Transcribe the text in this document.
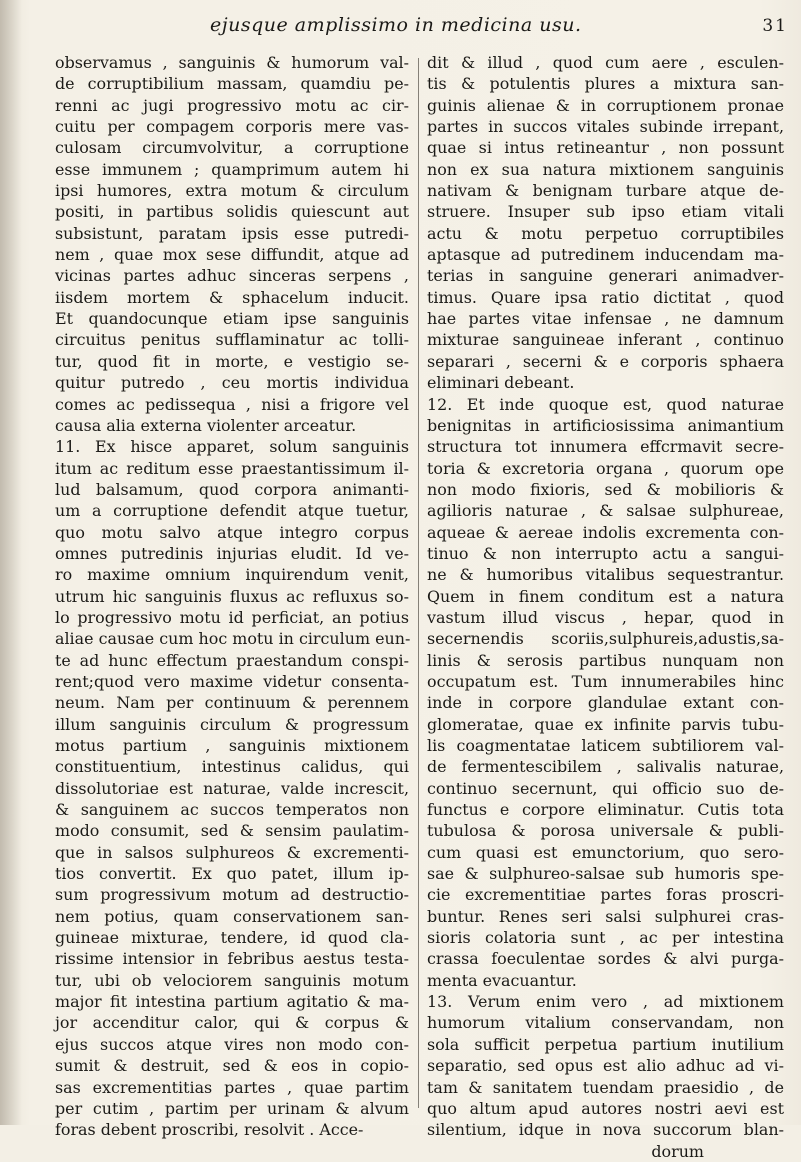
ejusque amplissimo in medicina usu.	31
observamus , sanguinis & humorum val-
de corruptibilium massam, quamdiu pe-
renni ac jugi progressivo motu ac cir-
cuitu per compagem corporis mere vas-
culosam circumvolvitur, a corruptione
esse immunem ; quamprimum autem hi
ipsi humores, extra motum & circulum
positi, in partibus solidis quiescunt aut
subsistunt, paratam ipsis esse putredi-
nem , quae mox sese diffundit, atque ad
vicinas partes adhuc sinceras serpens ,
iisdem mortem & sphacelum inducit.
Et quandocunque etiam ipse sanguinis
circuitus penitus sufflaminatur ac tolli-
tur, quod fit in morte, e vestigio se-
quitur putredo , ceu mortis individua
comes ac pedissequa , nisi a frigore vel
causa alia externa violenter arceatur.
11. Ex hisce apparet, solum sanguinis
itum ac reditum esse praestantissimum il-
lud balsamum, quod corpora animanti-
um a corruptione defendit atque tuetur,
quo motu salvo atque integro corpus
omnes putredinis injurias eludit. Id ve-
ro maxime omnium inquirendum venit,
utrum hic sanguinis fluxus ac refluxus so-
lo progressivo motu id perficiat, an potius
aliae causae cum hoc motu in circulum eun-
te ad hunc effectum praestandum conspi-
rent;quod vero maxime videtur consenta-
neum. Nam per continuum & perennem
illum sanguinis circulum & progressum
motus partium , sanguinis mixtionem
constituentium, intestinus calidus, qui
dissolutoriae est naturae, valde increscit,
& sanguinem ac succos temperatos non
modo consumit, sed & sensim paulatim-
que in salsos sulphureos & excrementi-
tios convertit. Ex quo patet, illum ip-
sum progressivum motum ad destructio-
nem potius, quam conservationem san-
guineae mixturae, tendere, id quod cla-
rissime intensior in febribus aestus testa-
tur, ubi ob velociorem sanguinis motum
major fit intestina partium agitatio & ma-
jor accenditur calor, qui & corpus &
ejus succos atque vires non modo con-
sumit & destruit, sed & eos in copio-
sas excrementitias partes , quae partim
per cutim , partim per urinam & alvum
foras debent proscribi, resolvit . Acce-
dit & illud , quod cum aere , esculen-
tis & potulentis plures a mixtura san-
guinis alienae & in corruptionem pronae
partes in succos vitales subinde irrepant,
quae si intus retineantur , non possunt
non ex sua natura mixtionem sanguinis
nativam & benignam turbare atque de-
struere. Insuper sub ipso etiam vitali
actu & motu perpetuo corruptibiles
aptasque ad putredinem inducendam ma-
terias in sanguine generari animadver-
timus. Quare ipsa ratio dictitat , quod
hae partes vitae infensae , ne damnum
mixturae sanguineae inferant , continuo
separari , secerni & e corporis sphaera
eliminari debeant.
12. Et inde quoque est, quod naturae
benignitas in artificiosissima animantium
structura tot innumera effcrmavit secre-
toria & excretoria organa , quorum ope
non modo fixioris, sed & mobilioris &
agilioris naturae , & salsae sulphureae,
aqueae & aereae indolis excrementa con-
tinuo & non interrupto actu a sangui-
ne & humoribus vitalibus sequestrantur.
Quem in finem conditum est a natura
vastum illud viscus , hepar, quod in
secernendis scoriis,sulphureis,adustis,sa-
linis & serosis partibus nunquam non
occupatum est. Tum innumerabiles hinc
inde in corpore glandulae extant con-
glomeratae, quae ex infinite parvis tubu-
lis coagmentatae laticem subtiliorem val-
de fermentescibilem , salivalis naturae,
continuo secernunt, qui officio suo de-
functus e corpore eliminatur. Cutis tota
tubulosa & porosa universale & publi-
cum quasi est emunctorium, quo sero-
sae & sulphureo-salsae sub humoris spe-
cie excrementitiae partes foras proscri-
buntur. Renes seri salsi sulphurei cras-
sioris colatoria sunt , ac per intestina
crassa foeculentae sordes & alvi purga-
menta evacuantur.
13. Verum enim vero , ad mixtionem
humorum vitalium conservandam, non
sola sufficit perpetua partium inutilium
separatio, sed opus est alio adhuc ad vi-
tam & sanitatem tuendam praesidio , de
quo altum apud autores nostri aevi est
silentium, idque in nova succorum blan-
dorum
